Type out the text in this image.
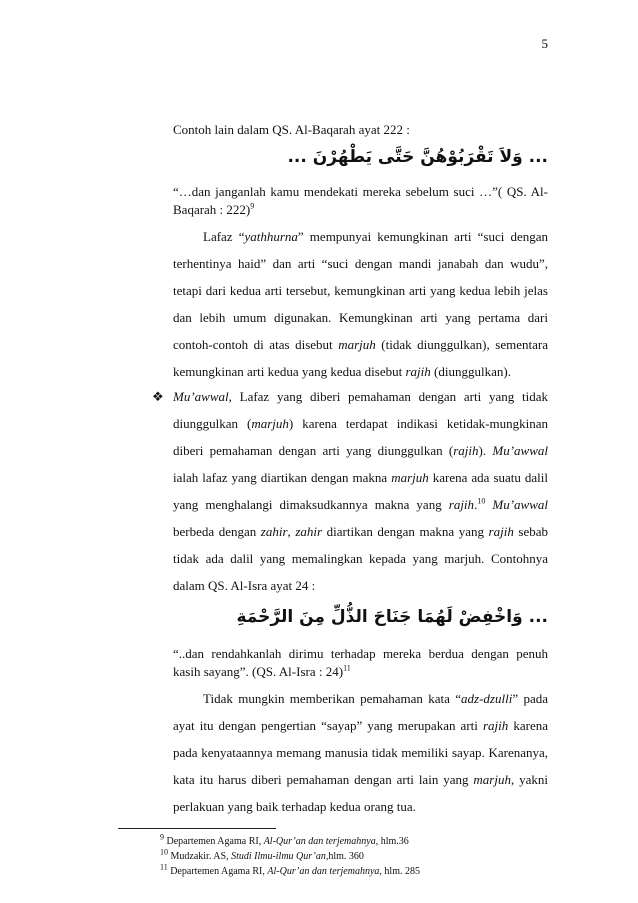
5
Contoh lain dalam QS. Al-Baqarah ayat 222 :
... وَلاَ تَقْرَبُوْهُنَّ حَتَّى يَطْهُرْنَ ...
“…dan janganlah kamu mendekati mereka sebelum suci …”( QS. Al-
Baqarah : 222)$^9$
Lafaz “yathhurna” mempunyai kemungkinan arti “suci dengan
terhentinya haid” dan arti “suci dengan mandi janabah dan wudu”,
tetapi dari kedua arti tersebut, kemungkinan arti yang kedua lebih jelas
dan lebih umum digunakan. Kemungkinan arti yang pertama dari
contoh-contoh di atas disebut marjuh (tidak diunggulkan), sementara
kemungkinan arti kedua yang kedua disebut rajih (diunggulkan).
❖ Mu’awwal, Lafaz yang diberi pemahaman dengan arti yang tidak
diunggulkan (marjuh) karena terdapat indikasi ketidak-mungkinan
diberi pemahaman dengan arti yang diunggulkan (rajih). Mu’awwal
ialah lafaz yang diartikan dengan makna marjuh karena ada suatu dalil
yang menghalangi dimaksudkannya makna yang rajih.$^{10}$ Mu’awwal
berbeda dengan zahir, zahir diartikan dengan makna yang rajih sebab
tidak ada dalil yang memalingkan kepada yang marjuh. Contohnya
dalam QS. Al-Isra ayat 24 :
... وَاخْفِضْ لَهُمَا جَنَاحَ الذُّلِّ مِنَ الرَّحْمَةِ
“..dan rendahkanlah dirimu terhadap mereka berdua dengan penuh
kasih sayang”. (QS. Al-Isra : 24)$^{11}$
Tidak mungkin memberikan pemahaman kata “adz-dzulli” pada
ayat itu dengan pengertian “sayap” yang merupakan arti rajih karena
pada kenyataannya memang manusia tidak memiliki sayap. Karenanya,
kata itu harus diberi pemahaman dengan arti lain yang marjuh, yakni
perlakuan yang baik terhadap kedua orang tua.
$^9$ Departemen Agama RI, Al-Qur’an dan terjemahnya, hlm.36
$^{10}$ Mudzakir. AS, Studi Ilmu-ilmu Qur’an,hlm. 360
$^{11}$ Departemen Agama RI, Al-Qur’an dan terjemahnya, hlm. 285
